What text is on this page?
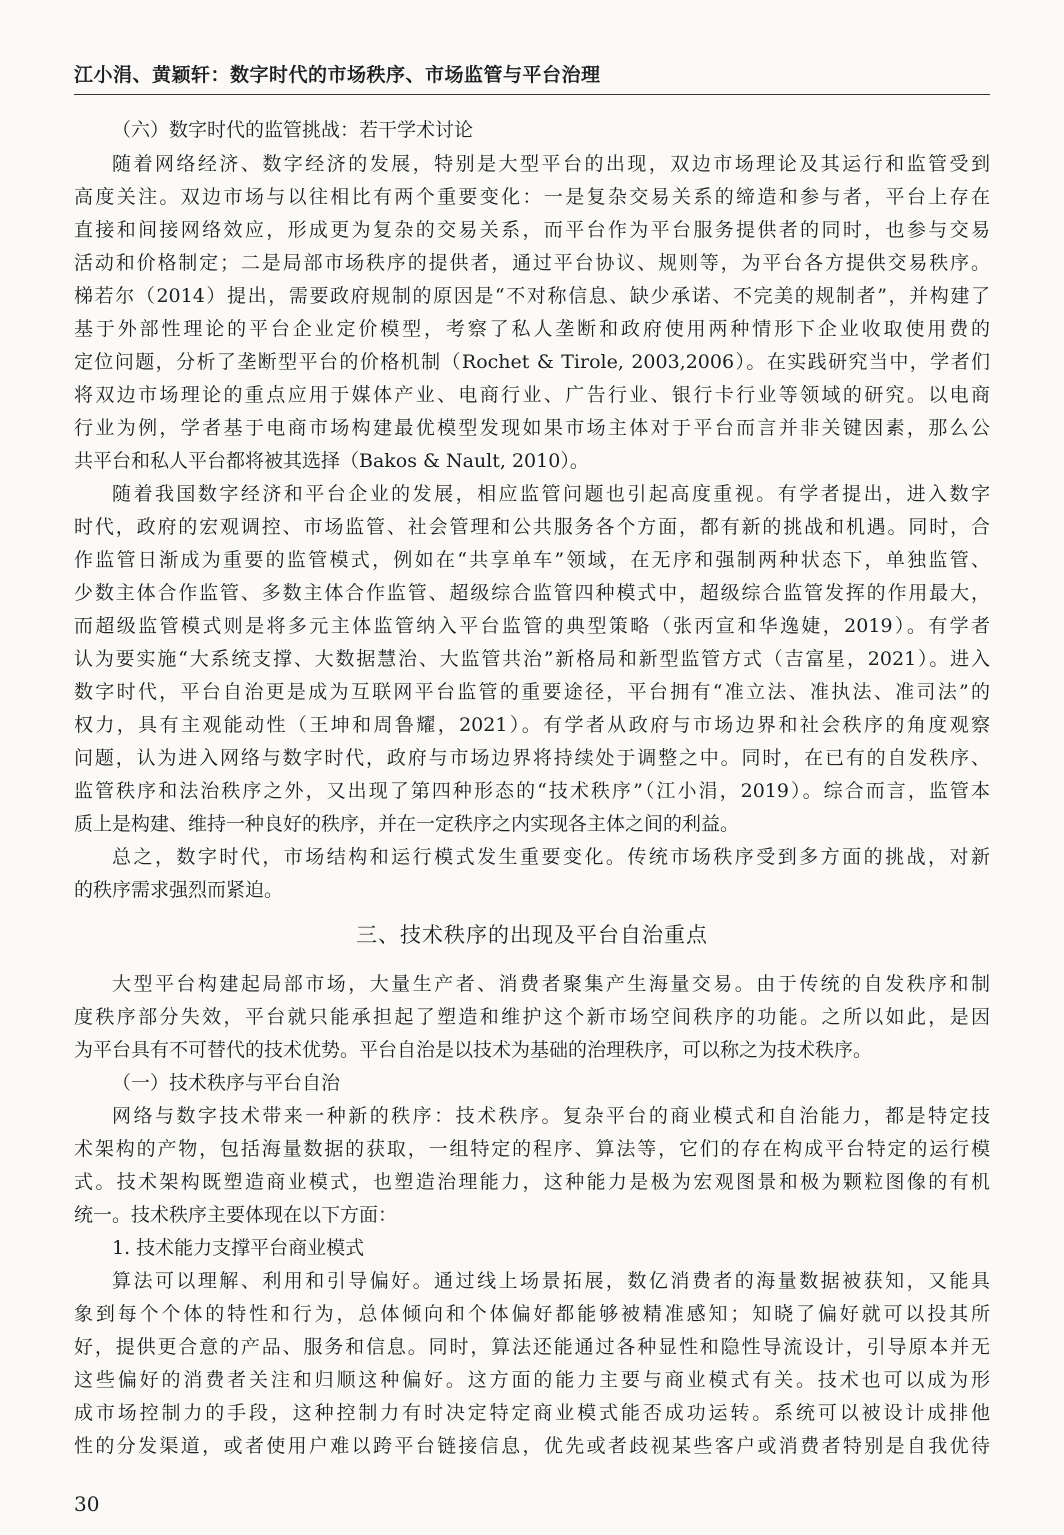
江小涓、黄颖轩：数字时代的市场秩序、市场监管与平台治理
（六）数字时代的监管挑战：若干学术讨论
随着网络经济、数字经济的发展，特别是大型平台的出现，双边市场理论及其运行和监管受到
高度关注。双边市场与以往相比有两个重要变化：一是复杂交易关系的缔造和参与者，平台上存在
直接和间接网络效应，形成更为复杂的交易关系，而平台作为平台服务提供者的同时，也参与交易
活动和价格制定；二是局部市场秩序的提供者，通过平台协议、规则等，为平台各方提供交易秩序。
梯若尔（2014）提出，需要政府规制的原因是“不对称信息、缺少承诺、不完美的规制者”，并构建了
基于外部性理论的平台企业定价模型，考察了私人垄断和政府使用两种情形下企业收取使用费的
定位问题，分析了垄断型平台的价格机制（Rochet & Tirole, 2003,2006）。在实践研究当中，学者们
将双边市场理论的重点应用于媒体产业、电商行业、广告行业、银行卡行业等领域的研究。以电商
行业为例，学者基于电商市场构建最优模型发现如果市场主体对于平台而言并非关键因素，那么公
共平台和私人平台都将被其选择（Bakos & Nault, 2010）。
随着我国数字经济和平台企业的发展，相应监管问题也引起高度重视。有学者提出，进入数字
时代，政府的宏观调控、市场监管、社会管理和公共服务各个方面，都有新的挑战和机遇。同时，合
作监管日渐成为重要的监管模式，例如在“共享单车”领域，在无序和强制两种状态下，单独监管、
少数主体合作监管、多数主体合作监管、超级综合监管四种模式中，超级综合监管发挥的作用最大，
而超级监管模式则是将多元主体监管纳入平台监管的典型策略（张丙宣和华逸婕，2019）。有学者
认为要实施“大系统支撑、大数据慧治、大监管共治”新格局和新型监管方式（吉富星，2021）。进入
数字时代，平台自治更是成为互联网平台监管的重要途径，平台拥有“准立法、准执法、准司法”的
权力，具有主观能动性（王坤和周鲁耀，2021）。有学者从政府与市场边界和社会秩序的角度观察
问题，认为进入网络与数字时代，政府与市场边界将持续处于调整之中。同时，在已有的自发秩序、
监管秩序和法治秩序之外，又出现了第四种形态的“技术秩序”（江小涓，2019）。综合而言，监管本
质上是构建、维持一种良好的秩序，并在一定秩序之内实现各主体之间的利益。
总之，数字时代，市场结构和运行模式发生重要变化。传统市场秩序受到多方面的挑战，对新
的秩序需求强烈而紧迫。
三、技术秩序的出现及平台自治重点
大型平台构建起局部市场，大量生产者、消费者聚集产生海量交易。由于传统的自发秩序和制
度秩序部分失效，平台就只能承担起了塑造和维护这个新市场空间秩序的功能。之所以如此，是因
为平台具有不可替代的技术优势。平台自治是以技术为基础的治理秩序，可以称之为技术秩序。
（一）技术秩序与平台自治
网络与数字技术带来一种新的秩序：技术秩序。复杂平台的商业模式和自治能力，都是特定技
术架构的产物，包括海量数据的获取，一组特定的程序、算法等，它们的存在构成平台特定的运行模
式。技术架构既塑造商业模式，也塑造治理能力，这种能力是极为宏观图景和极为颗粒图像的有机
统一。技术秩序主要体现在以下方面：
1. 技术能力支撑平台商业模式
算法可以理解、利用和引导偏好。通过线上场景拓展，数亿消费者的海量数据被获知，又能具
象到每个个体的特性和行为，总体倾向和个体偏好都能够被精准感知；知晓了偏好就可以投其所
好，提供更合意的产品、服务和信息。同时，算法还能通过各种显性和隐性导流设计，引导原本并无
这些偏好的消费者关注和归顺这种偏好。这方面的能力主要与商业模式有关。技术也可以成为形
成市场控制力的手段，这种控制力有时决定特定商业模式能否成功运转。系统可以被设计成排他
性的分发渠道，或者使用户难以跨平台链接信息，优先或者歧视某些客户或消费者特别是自我优待
30
